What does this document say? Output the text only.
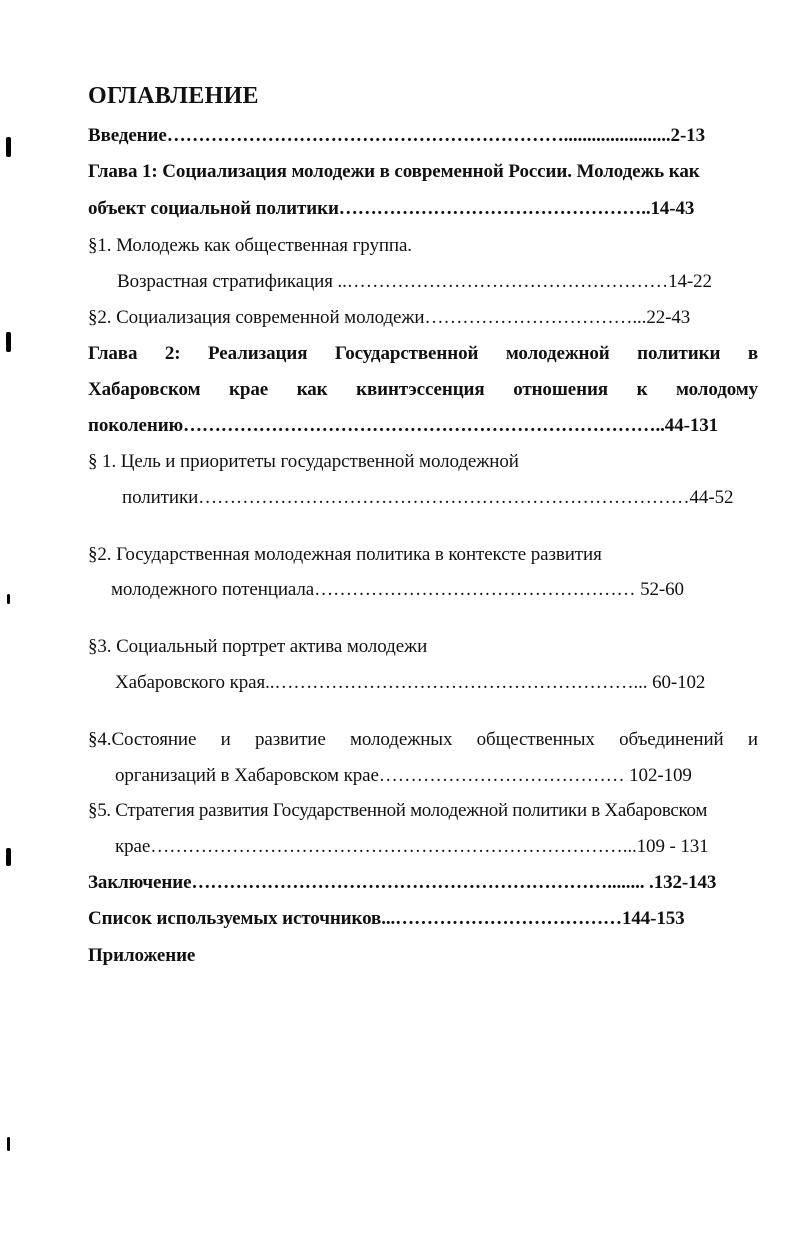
ОГЛАВЛЕНИЕ
Введение……………………………………………………….......................2-13
Глава 1: Социализация молодежи в современной России. Молодежь как
объект социальной политики…………………………………………..14-43
§1. Молодежь как общественная группа.
Возрастная стратификация ..……………………………………………14-22
§2. Социализация современной молодежи……………………………...22-43
Глава 2: Реализация Государственной молодежной политики в
Хабаровском крае как квинтэссенция отношения к молодому
поколению…………………………………………………………………..44-131
§ 1. Цель и приоритеты государственной молодежной
политики……………………………………………………………………44-52
§2. Государственная молодежная политика в контексте развития
молодежного потенциала…………………………………………… 52-60
§3. Социальный портрет актива молодежи
Хабаровского края..…………………………………………………... 60-102
§4.Состояние и развитие молодежных общественных объединений и
организаций в Хабаровском крае………………………………… 102-109
§5. Стратегия развития Государственной молодежной политики в Хабаровском
крае…………………………………………………………………...109 - 131
Заключение…………………………………………………………........ .132-143
Список используемых источников...………………………………144-153
Приложение
